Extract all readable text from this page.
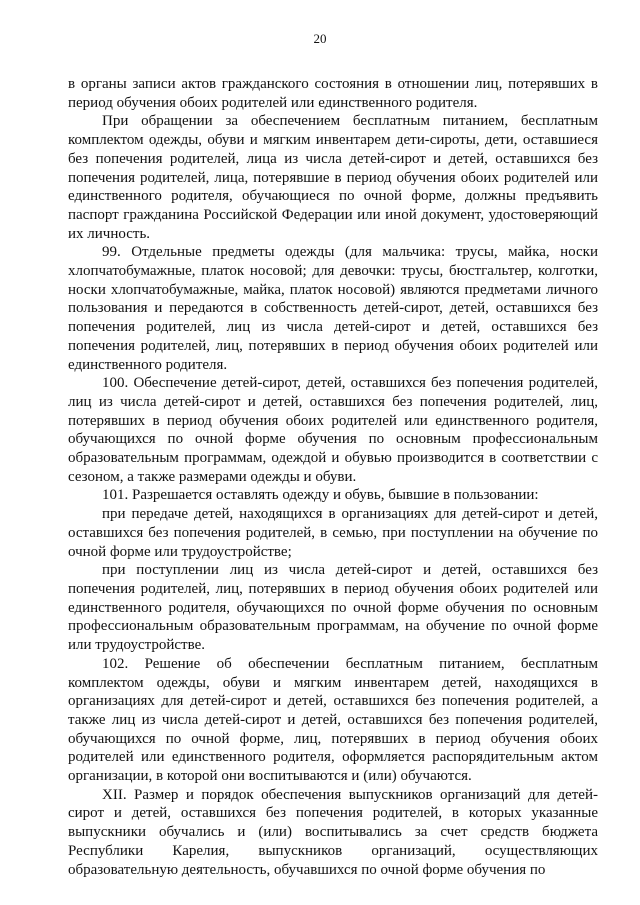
20

в органы записи актов гражданского состояния в отношении лиц, потерявших в период обучения обоих родителей или единственного родителя.

При обращении за обеспечением бесплатным питанием, бесплатным комплектом одежды, обуви и мягким инвентарем дети-сироты, дети, оставшиеся без попечения родителей, лица из числа детей-сирот и детей, оставшихся без попечения родителей, лица, потерявшие в период обучения обоих родителей или единственного родителя, обучающиеся по очной форме, должны предъявить паспорт гражданина Российской Федерации или иной документ, удостоверяющий их личность.

99. Отдельные предметы одежды (для мальчика: трусы, майка, носки хлопчатобумажные, платок носовой; для девочки: трусы, бюстгальтер, колготки, носки хлопчатобумажные, майка, платок носовой) являются предметами личного пользования и передаются в собственность детей-сирот, детей, оставшихся без попечения родителей, лиц из числа детей-сирот и детей, оставшихся без попечения родителей, лиц, потерявших в период обучения обоих родителей или единственного родителя.

100. Обеспечение детей-сирот, детей, оставшихся без попечения родителей, лиц из числа детей-сирот и детей, оставшихся без попечения родителей, лиц, потерявших в период обучения обоих родителей или единственного родителя, обучающихся по очной форме обучения по основным профессиональным образовательным программам, одеждой и обувью производится в соответствии с сезоном, а также размерами одежды и обуви.

101. Разрешается оставлять одежду и обувь, бывшие в пользовании:

при передаче детей, находящихся в организациях для детей-сирот и детей, оставшихся без попечения родителей, в семью, при поступлении на обучение по очной форме или трудоустройстве;

при поступлении лиц из числа детей-сирот и детей, оставшихся без попечения родителей, лиц, потерявших в период обучения обоих родителей или единственного родителя, обучающихся по очной форме обучения по основным профессиональным образовательным программам, на обучение по очной форме или трудоустройстве.

102. Решение об обеспечении бесплатным питанием, бесплатным комплектом одежды, обуви и мягким инвентарем детей, находящихся в организациях для детей-сирот и детей, оставшихся без попечения родителей, а также лиц из числа детей-сирот и детей, оставшихся без попечения родителей, обучающихся по очной форме, лиц, потерявших в период обучения обоих родителей или единственного родителя, оформляется распорядительным актом организации, в которой они воспитываются и (или) обучаются.

XII. Размер и порядок обеспечения выпускников организаций для детей-сирот и детей, оставшихся без попечения родителей, в которых указанные выпускники обучались и (или) воспитывались за счет средств бюджета Республики Карелия, выпускников организаций, осуществляющих образовательную деятельность, обучавшихся по очной форме обучения по
